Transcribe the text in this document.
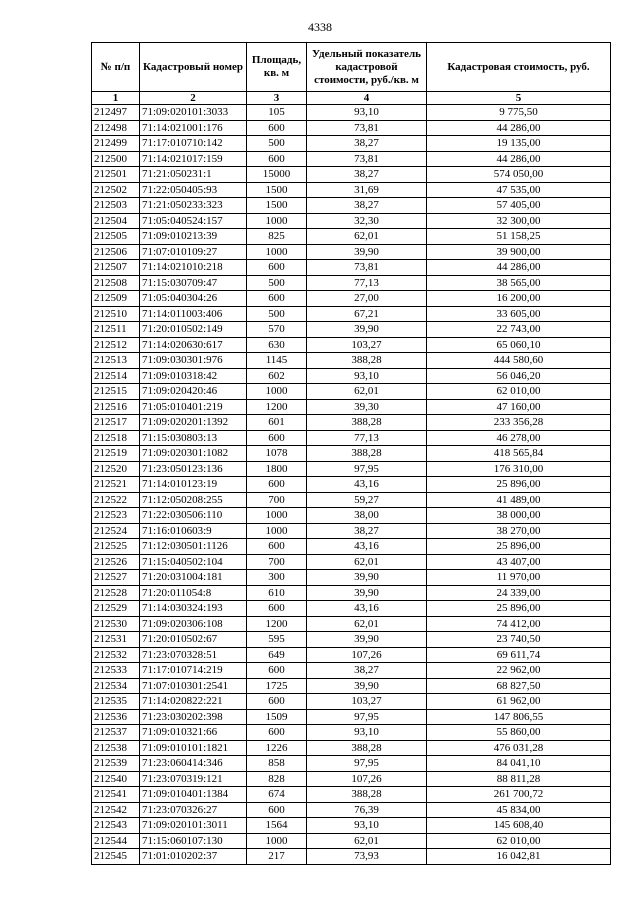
4338
№ п/п	Кадастровый номер	Площадь, кв. м	Удельный показатель кадастровой стоимости, руб./кв. м	Кадастровая стоимость, руб.
1	2	3	4	5
212497	71:09:020101:3033	105	93,10	9 775,50
212498	71:14:021001:176	600	73,81	44 286,00
212499	71:17:010710:142	500	38,27	19 135,00
212500	71:14:021017:159	600	73,81	44 286,00
212501	71:21:050231:1	15000	38,27	574 050,00
212502	71:22:050405:93	1500	31,69	47 535,00
212503	71:21:050233:323	1500	38,27	57 405,00
212504	71:05:040524:157	1000	32,30	32 300,00
212505	71:09:010213:39	825	62,01	51 158,25
212506	71:07:010109:27	1000	39,90	39 900,00
212507	71:14:021010:218	600	73,81	44 286,00
212508	71:15:030709:47	500	77,13	38 565,00
212509	71:05:040304:26	600	27,00	16 200,00
212510	71:14:011003:406	500	67,21	33 605,00
212511	71:20:010502:149	570	39,90	22 743,00
212512	71:14:020630:617	630	103,27	65 060,10
212513	71:09:030301:976	1145	388,28	444 580,60
212514	71:09:010318:42	602	93,10	56 046,20
212515	71:09:020420:46	1000	62,01	62 010,00
212516	71:05:010401:219	1200	39,30	47 160,00
212517	71:09:020201:1392	601	388,28	233 356,28
212518	71:15:030803:13	600	77,13	46 278,00
212519	71:09:020301:1082	1078	388,28	418 565,84
212520	71:23:050123:136	1800	97,95	176 310,00
212521	71:14:010123:19	600	43,16	25 896,00
212522	71:12:050208:255	700	59,27	41 489,00
212523	71:22:030506:110	1000	38,00	38 000,00
212524	71:16:010603:9	1000	38,27	38 270,00
212525	71:12:030501:1126	600	43,16	25 896,00
212526	71:15:040502:104	700	62,01	43 407,00
212527	71:20:031004:181	300	39,90	11 970,00
212528	71:20:011054:8	610	39,90	24 339,00
212529	71:14:030324:193	600	43,16	25 896,00
212530	71:09:020306:108	1200	62,01	74 412,00
212531	71:20:010502:67	595	39,90	23 740,50
212532	71:23:070328:51	649	107,26	69 611,74
212533	71:17:010714:219	600	38,27	22 962,00
212534	71:07:010301:2541	1725	39,90	68 827,50
212535	71:14:020822:221	600	103,27	61 962,00
212536	71:23:030202:398	1509	97,95	147 806,55
212537	71:09:010321:66	600	93,10	55 860,00
212538	71:09:010101:1821	1226	388,28	476 031,28
212539	71:23:060414:346	858	97,95	84 041,10
212540	71:23:070319:121	828	107,26	88 811,28
212541	71:09:010401:1384	674	388,28	261 700,72
212542	71:23:070326:27	600	76,39	45 834,00
212543	71:09:020101:3011	1564	93,10	145 608,40
212544	71:15:060107:130	1000	62,01	62 010,00
212545	71:01:010202:37	217	73,93	16 042,81
